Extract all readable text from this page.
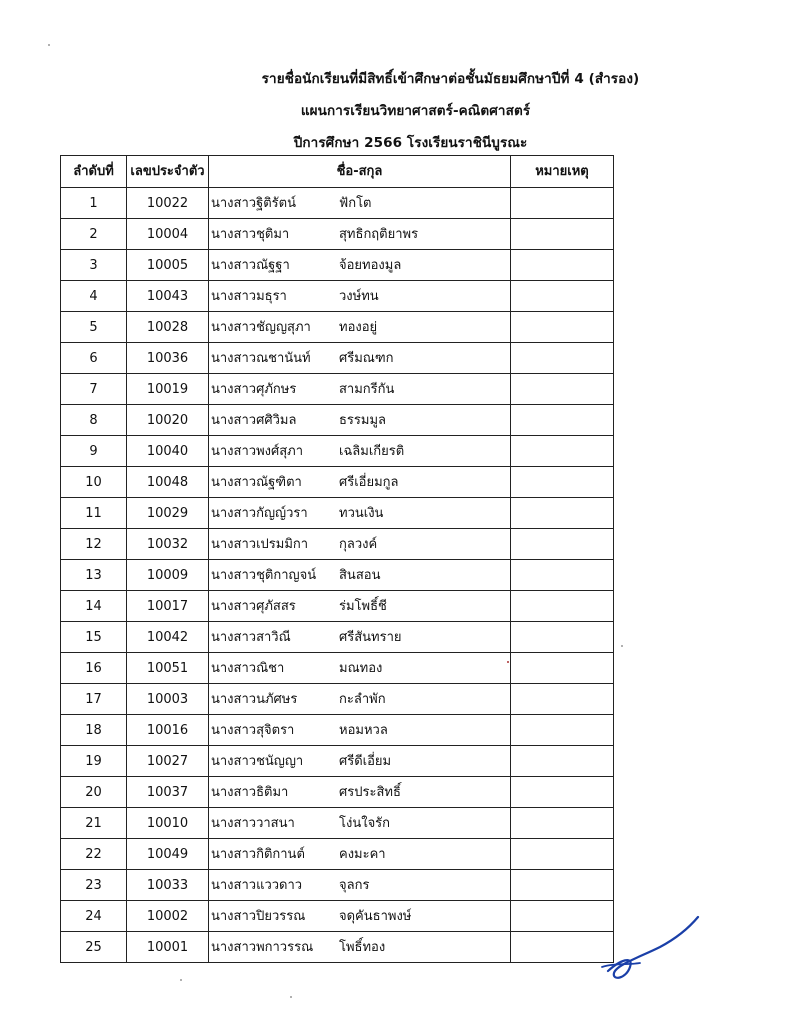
รายชื่อนักเรียนที่มีสิทธิ์เข้าศึกษาต่อชั้นมัธยมศึกษาปีที่ 4 (สำรอง)
แผนการเรียนวิทยาศาสตร์-คณิตศาสตร์
ปีการศึกษา 2566 โรงเรียนราชินีบูรณะ
ลำดับที่	เลขประจำตัว	ชื่อ-สกุล	หมายเหตุ
1	10022	นางสาวฐิติรัตน์ ฟักโต	
2	10004	นางสาวชุติมา สุทธิกฤติยาพร	
3	10005	นางสาวณัฐฐา จ้อยทองมูล	
4	10043	นางสาวมธุรา วงษ์ทน	
5	10028	นางสาวชัญญสุภา ทองอยู่	
6	10036	นางสาวณชานันท์ ศรีมณฑก	
7	10019	นางสาวศุภักษร สามกรีกัน	
8	10020	นางสาวศศิวิมล ธรรมมูล	
9	10040	นางสาวพงศ์สุภา เฉลิมเกียรติ	
10	10048	นางสาวณัฐฑิตา ศรีเอี่ยมกูล	
11	10029	นางสาวกัญญ์วรา ทวนเงิน	
12	10032	นางสาวเปรมมิกา กุลวงค์	
13	10009	นางสาวชุติกาญจน์ สินสอน	
14	10017	นางสาวศุภัสสร ร่มโพธิ์ชี	
15	10042	นางสาวสาวิณี ศรีสันทราย	
16	10051	นางสาวณิชา มณทอง	
17	10003	นางสาวนภัศษร กะลำพัก	
18	10016	นางสาวสุจิตรา หอมหวล	
19	10027	นางสาวชนัญญา ศรีดีเอี่ยม	
20	10037	นางสาวธิติมา ศรประสิทธิ์	
21	10010	นางสาววาสนา โง่นใจรัก	
22	10049	นางสาวกิติกานต์ คงมะคา	
23	10033	นางสาวแววดาว จุลกร	
24	10002	นางสาวปิยวรรณ จดุคันธาพงษ์	
25	10001	นางสาวพกาวรรณ โพธิ์ทอง	
